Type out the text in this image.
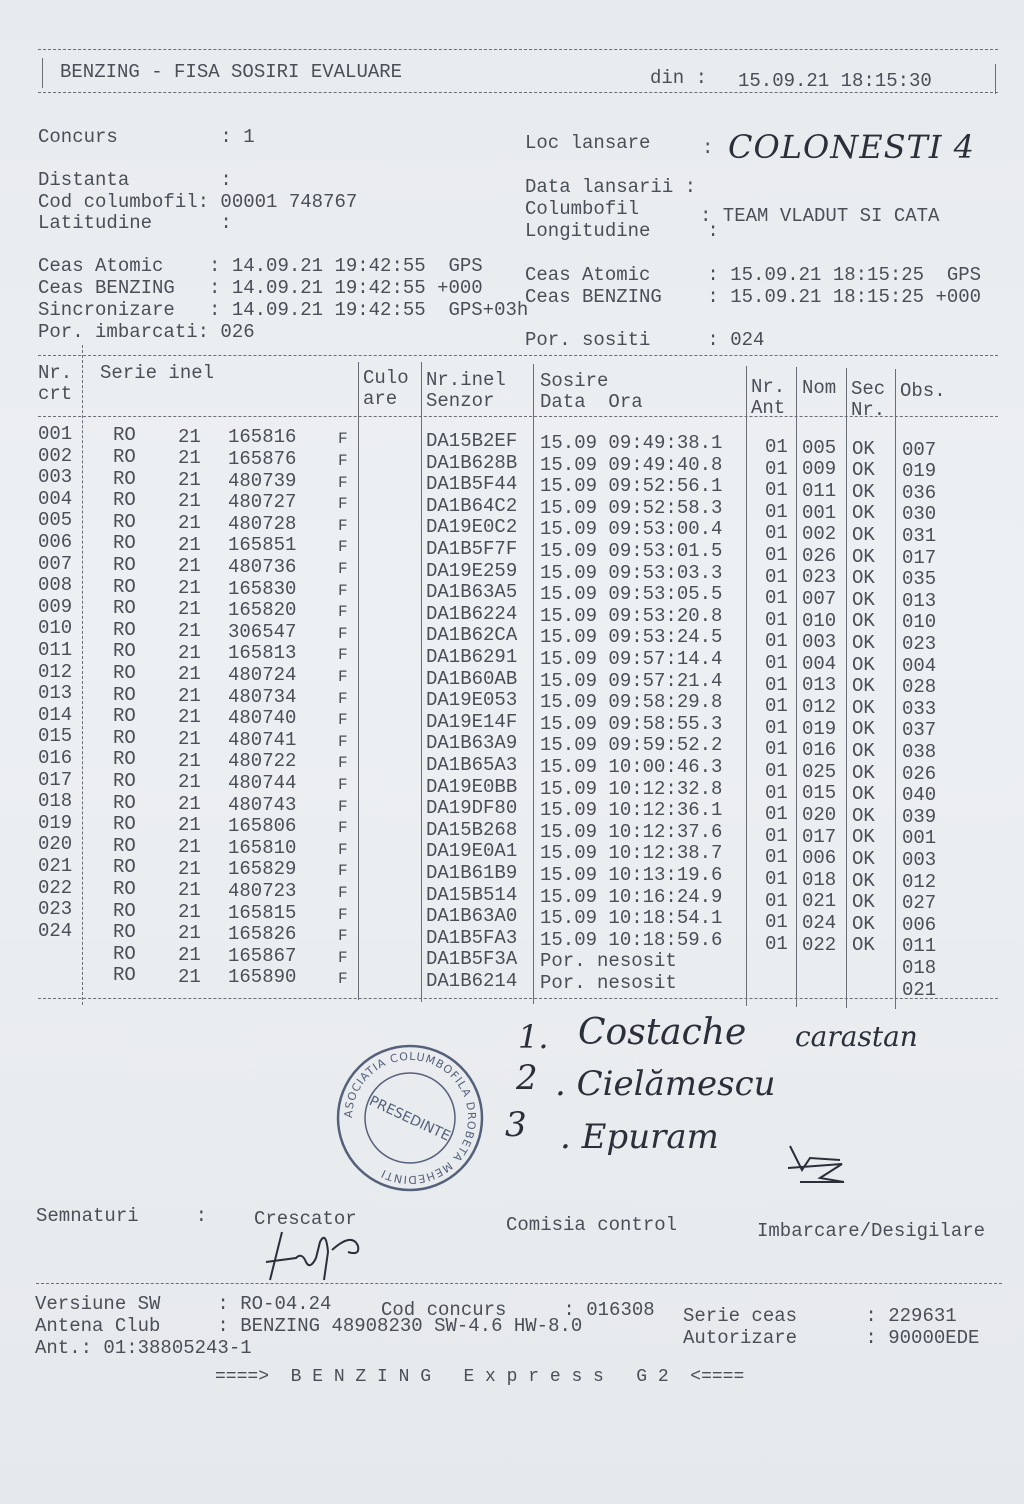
BENZING - FISA SOSIRI EVALUARE	din : 15.09.21 18:15:30
Concurs         : 1
Distanta        :
Cod columbofil: 00001 748767
Latitudine      :
Loc lansare	: COLONESTI 4
Data lansarii :
Columbofil	: TEAM VLADUT SI CATA
Longitudine     :
Ceas Atomic    : 14.09.21 19:42:55  GPS
Ceas BENZING   : 14.09.21 19:42:55 +000
Sincronizare   : 14.09.21 19:42:55  GPS+03h
Por. imbarcati: 026
Ceas Atomic     : 15.09.21 18:15:25  GPS
Ceas BENZING    : 15.09.21 18:15:25 +000
Por. sositi     : 024
Nr.
crt
Serie inel	Culo
are
Nr.inel
Senzor
Sosire
Data  Ora
Nr.
Ant
Nom Sec
Nr.
Obs.
001 RO 21 165816	F	DA15B2EF 15.09 09:49:38.1 01 005 OK 007
002 RO 21 165876	F	DA1B628B 15.09 09:49:40.8 01 009 OK 019
003 RO 21 480739	F	DA1B5F44 15.09 09:52:56.1 01 011 OK 036
004 RO 21 480727	F	DA1B64C2 15.09 09:52:58.3 01 001 OK 030
005 RO 21 480728	F	DA19E0C2 15.09 09:53:00.4 01 002 OK 031
006 RO 21 165851	F	DA1B5F7F 15.09 09:53:01.5 01 026 OK 017
007 RO 21 480736	F	DA19E259 15.09 09:53:03.3 01 023 OK 035
008 RO 21 165830	F	DA1B63A5 15.09 09:53:05.5 01 007 OK 013
009 RO 21 165820	F	DA1B6224 15.09 09:53:20.8 01 010 OK 010
010 RO 21 306547	F	DA1B62CA 15.09 09:53:24.5 01 003 OK 023
011 RO 21 165813	F	DA1B6291 15.09 09:57:14.4 01 004 OK 004
012 RO 21 480724	F	DA1B60AB 15.09 09:57:21.4 01 013 OK 028
013 RO 21 480734	F	DA19E053 15.09 09:58:29.8 01 012 OK 033
014 RO 21 480740	F	DA19E14F 15.09 09:58:55.3 01 019 OK 037
015 RO 21 480741	F	DA1B63A9 15.09 09:59:52.2 01 016 OK 038
016 RO 21 480722	F	DA1B65A3 15.09 10:00:46.3 01 025 OK 026
017 RO 21 480744	F	DA19E0BB 15.09 10:12:32.8 01 015 OK 040
018 RO 21 480743	F	DA19DF80 15.09 10:12:36.1 01 020 OK 039
019 RO 21 165806	F	DA15B268 15.09 10:12:37.6 01 017 OK 001
020 RO 21 165810	F	DA19E0A1 15.09 10:12:38.7 01 006 OK 003
021 RO 21 165829	F	DA1B61B9 15.09 10:13:19.6 01 018 OK 012
022 RO 21 480723	F	DA15B514 15.09 10:16:24.9 01 021 OK 027
023 RO 21 165815	F	DA1B63A0 15.09 10:18:54.1 01 024 OK 006
024 RO 21 165826	F	DA1B5FA3 15.09 10:18:59.6 01 022 OK 011
RO 21 165867	F	DA1B5F3A Por. nesosit	018
RO 21 165890	F	DA1B6214 Por. nesosit	021
1. Costache carastan
2 . Cielămescu
3 . Epuram
ASOCIATIA COLUMBOFILA DROBETA MEHEDINTI
PRESEDINTE
Semnaturi     : Crescator	Comisia control	Imbarcare/Desigilare
Versiune SW     : RO-04.24	Cod concurs     : 016308 Serie ceas      : 229631
Antena Club     : BENZING 48908230 SW-4.6 HW-8.0
Autorizare      : 90000EDE
Ant.: 01:38805243-1
====>  B E N Z I N G   E x p r e s s   G 2  <====
